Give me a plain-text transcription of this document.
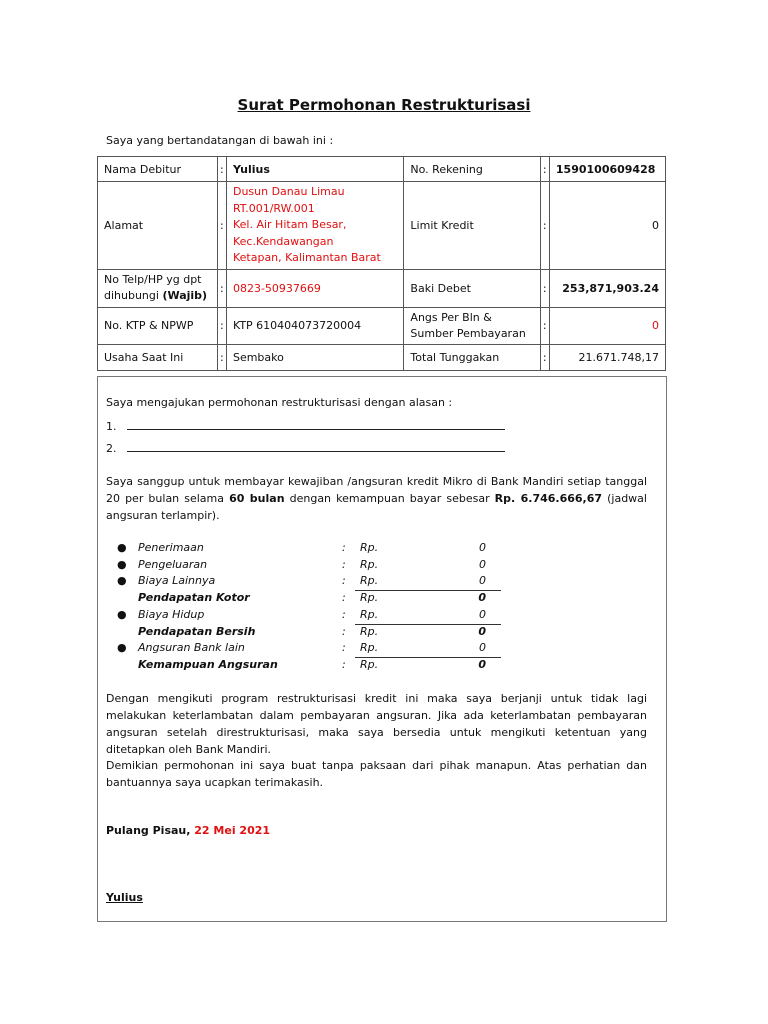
Surat Permohonan Restrukturisasi
Saya yang bertandatangan di bawah ini :
Nama Debitur	:	Yulius	No. Rekening	:	1590100609428
Alamat	:	Dusun Danau Limau
RT.001/RW.001
Kel. Air Hitam Besar,
Kec.Kendawangan
Ketapan, Kalimantan Barat	Limit Kredit	:	0

No Telp/HP yg dpt
dihubungi (Wajib)	:	0823-50937669	Baki Debet	:	253,871,903.24
No. KTP & NPWP	:	KTP 610404073720004	Angs Per Bln &
Sumber Pembayaran	:	0
Usaha Saat Ini	:	Sembako	Total Tunggakan	:	21.671.748,17
Saya mengajukan permohonan restrukturisasi dengan alasan :
1.
2.
Saya sanggup untuk membayar kewajiban /angsuran kredit Mikro di Bank Mandiri setiap tanggal 20 per bulan selama 60 bulan dengan kemampuan bayar sebesar Rp. 6.746.666,67 (jadwal angsuran terlampir).
● Penerimaan	: Rp.	0
● Pengeluaran	: Rp.	0
● Biaya Lainnya	: Rp.	0
Pendapatan Kotor	: Rp.	0
● Biaya Hidup	: Rp.	0
Pendapatan Bersih	: Rp.	0
● Angsuran Bank lain	: Rp.	0
Kemampuan Angsuran	: Rp.	0
Dengan mengikuti program restrukturisasi kredit ini maka saya berjanji untuk tidak lagi melakukan keterlambatan dalam pembayaran angsuran. Jika ada keterlambatan pembayaran angsuran setelah direstrukturisasi, maka saya bersedia untuk mengikuti ketentuan yang ditetapkan oleh Bank Mandiri.
Demikian permohonan ini saya buat tanpa paksaan dari pihak manapun. Atas perhatian dan bantuannya saya ucapkan terimakasih.
Pulang Pisau, 22 Mei 2021
Yulius
